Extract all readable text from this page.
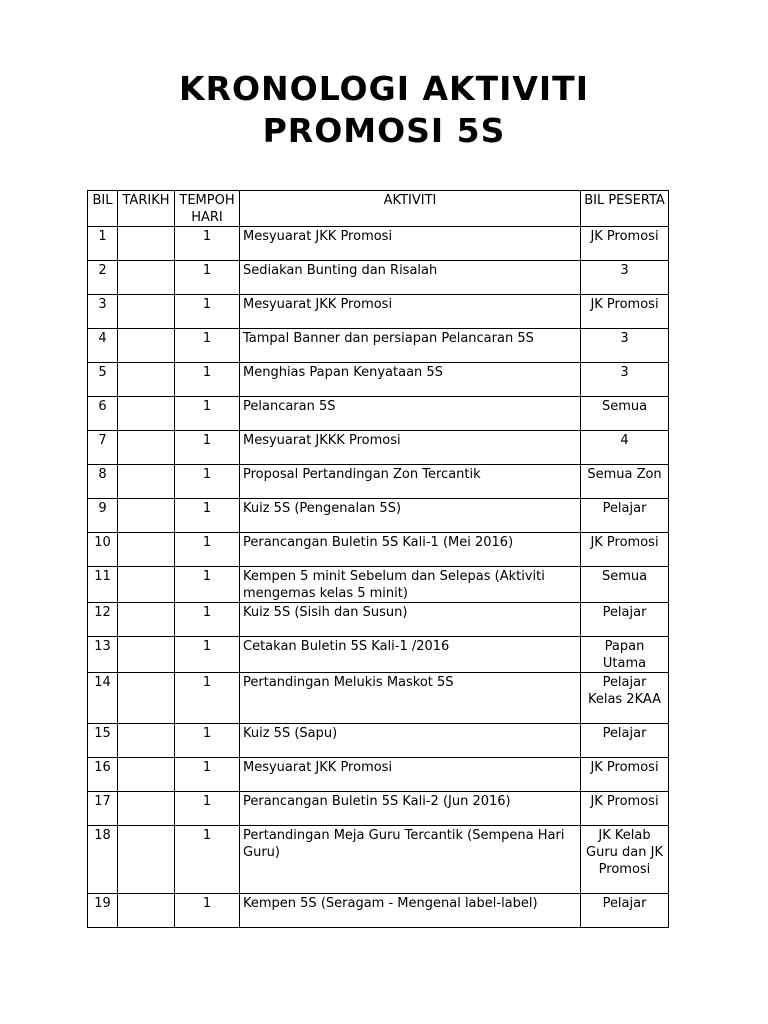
KRONOLOGI AKTIVITI
PROMOSI 5S
BIL	TARIKH	TEMPOH HARI	AKTIVITI	BIL PESERTA
1		1	Mesyuarat JKK Promosi	JK Promosi
2		1	Sediakan Bunting dan Risalah	3
3		1	Mesyuarat JKK Promosi	JK Promosi
4		1	Tampal Banner dan persiapan Pelancaran 5S	3
5		1	Menghias Papan Kenyataan 5S	3
6		1	Pelancaran 5S	Semua
7		1	Mesyuarat JKKK Promosi	4
8		1	Proposal Pertandingan Zon Tercantik	Semua Zon
9		1	Kuiz 5S (Pengenalan 5S)	Pelajar
10		1	Perancangan Buletin 5S Kali-1 (Mei 2016)	JK Promosi
11		1	Kempen 5 minit Sebelum dan Selepas (Aktiviti mengemas kelas 5 minit)	Semua
12		1	Kuiz 5S (Sisih dan Susun)	Pelajar
13		1	Cetakan Buletin 5S Kali-1 /2016	Papan Utama
14		1	Pertandingan Melukis Maskot 5S	Pelajar Kelas 2KAA
15		1	Kuiz 5S (Sapu)	Pelajar
16		1	Mesyuarat JKK Promosi	JK Promosi
17		1	Perancangan Buletin 5S Kali-2 (Jun 2016)	JK Promosi
18		1	Pertandingan Meja Guru Tercantik (Sempena Hari Guru)	JK Kelab Guru dan JK Promosi
19		1	Kempen 5S (Seragam - Mengenal label-label)	Pelajar
